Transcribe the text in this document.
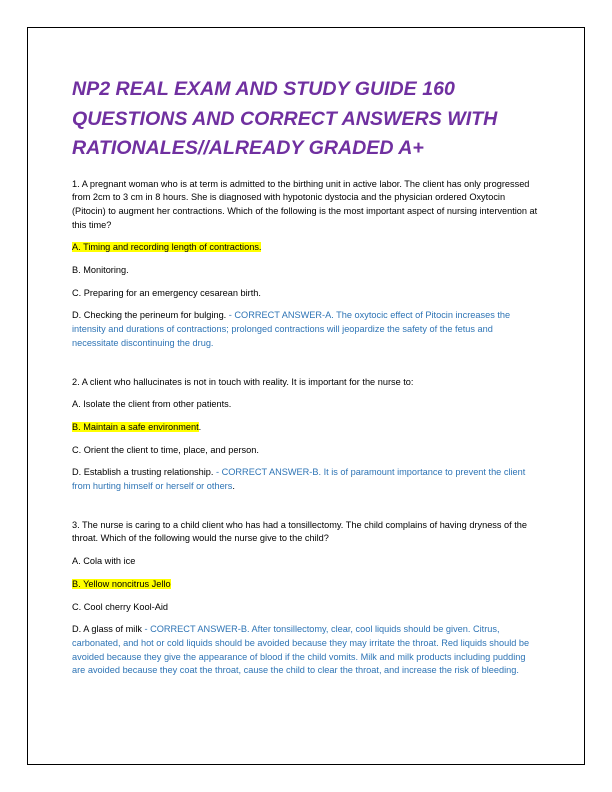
NP2 REAL EXAM AND STUDY GUIDE 160 QUESTIONS AND CORRECT ANSWERS WITH RATIONALES//ALREADY GRADED A+

1. A pregnant woman who is at term is admitted to the birthing unit in active labor. The client has only progressed from 2cm to 3 cm in 8 hours. She is diagnosed with hypotonic dystocia and the physician ordered Oxytocin (Pitocin) to augment her contractions. Which of the following is the most important aspect of nursing intervention at this time?

A. Timing and recording length of contractions.

B. Monitoring.

C. Preparing for an emergency cesarean birth.

D. Checking the perineum for bulging. - CORRECT ANSWER-A. The oxytocic effect of Pitocin increases the intensity and durations of contractions; prolonged contractions will jeopardize the safety of the fetus and necessitate discontinuing the drug.

2. A client who hallucinates is not in touch with reality. It is important for the nurse to:

A. Isolate the client from other patients.

B. Maintain a safe environment.

C. Orient the client to time, place, and person.

D. Establish a trusting relationship. - CORRECT ANSWER-B. It is of paramount importance to prevent the client from hurting himself or herself or others.

3. The nurse is caring to a child client who has had a tonsillectomy. The child complains of having dryness of the throat. Which of the following would the nurse give to the child?

A. Cola with ice

B. Yellow noncitrus Jello

C. Cool cherry Kool-Aid

D. A glass of milk - CORRECT ANSWER-B. After tonsillectomy, clear, cool liquids should be given. Citrus, carbonated, and hot or cold liquids should be avoided because they may irritate the throat. Red liquids should be avoided because they give the appearance of blood if the child vomits. Milk and milk products including pudding are avoided because they coat the throat, cause the child to clear the throat, and increase the risk of bleeding.
